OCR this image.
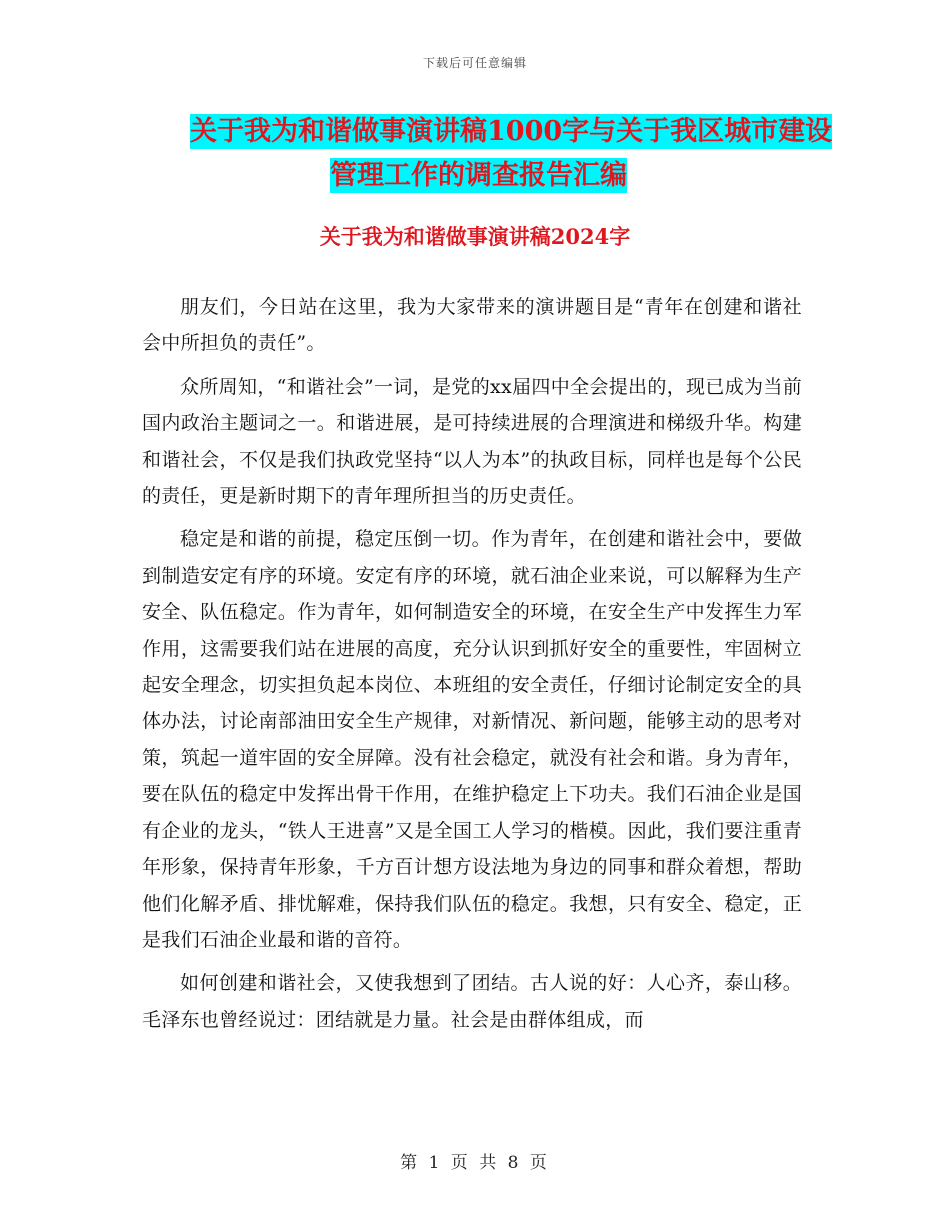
下载后可任意编辑
关于我为和谐做事演讲稿1000字与关于我区城市建设
管理工作的调查报告汇编
关于我为和谐做事演讲稿2024字

朋友们，今日站在这里，我为大家带来的演讲题目是“青年在创建和谐社会中所担负的责任”。

众所周知，“和谐社会”一词，是党的xx届四中全会提出的，现已成为当前国内政治主题词之一。和谐进展，是可持续进展的合理演进和梯级升华。构建和谐社会，不仅是我们执政党坚持“以人为本”的执政目标，同样也是每个公民的责任，更是新时期下的青年理所担当的历史责任。

稳定是和谐的前提，稳定压倒一切。作为青年，在创建和谐社会中，要做到制造安定有序的环境。安定有序的环境，就石油企业来说，可以解释为生产安全、队伍稳定。作为青年，如何制造安全的环境，在安全生产中发挥生力军作用，这需要我们站在进展的高度，充分认识到抓好安全的重要性，牢固树立起安全理念，切实担负起本岗位、本班组的安全责任，仔细讨论制定安全的具体办法，讨论南部油田安全生产规律，对新情况、新问题，能够主动的思考对策，筑起一道牢固的安全屏障。没有社会稳定，就没有社会和谐。身为青年，要在队伍的稳定中发挥出骨干作用，在维护稳定上下功夫。我们石油企业是国有企业的龙头，“铁人王进喜”又是全国工人学习的楷模。因此，我们要注重青年形象，保持青年形象，千方百计想方设法地为身边的同事和群众着想，帮助他们化解矛盾、排忧解难，保持我们队伍的稳定。我想，只有安全、稳定，正是我们石油企业最和谐的音符。

如何创建和谐社会，又使我想到了团结。古人说的好：人心齐，泰山移。毛泽东也曾经说过：团结就是力量。社会是由群体组成，而

第 1 页 共 8 页
